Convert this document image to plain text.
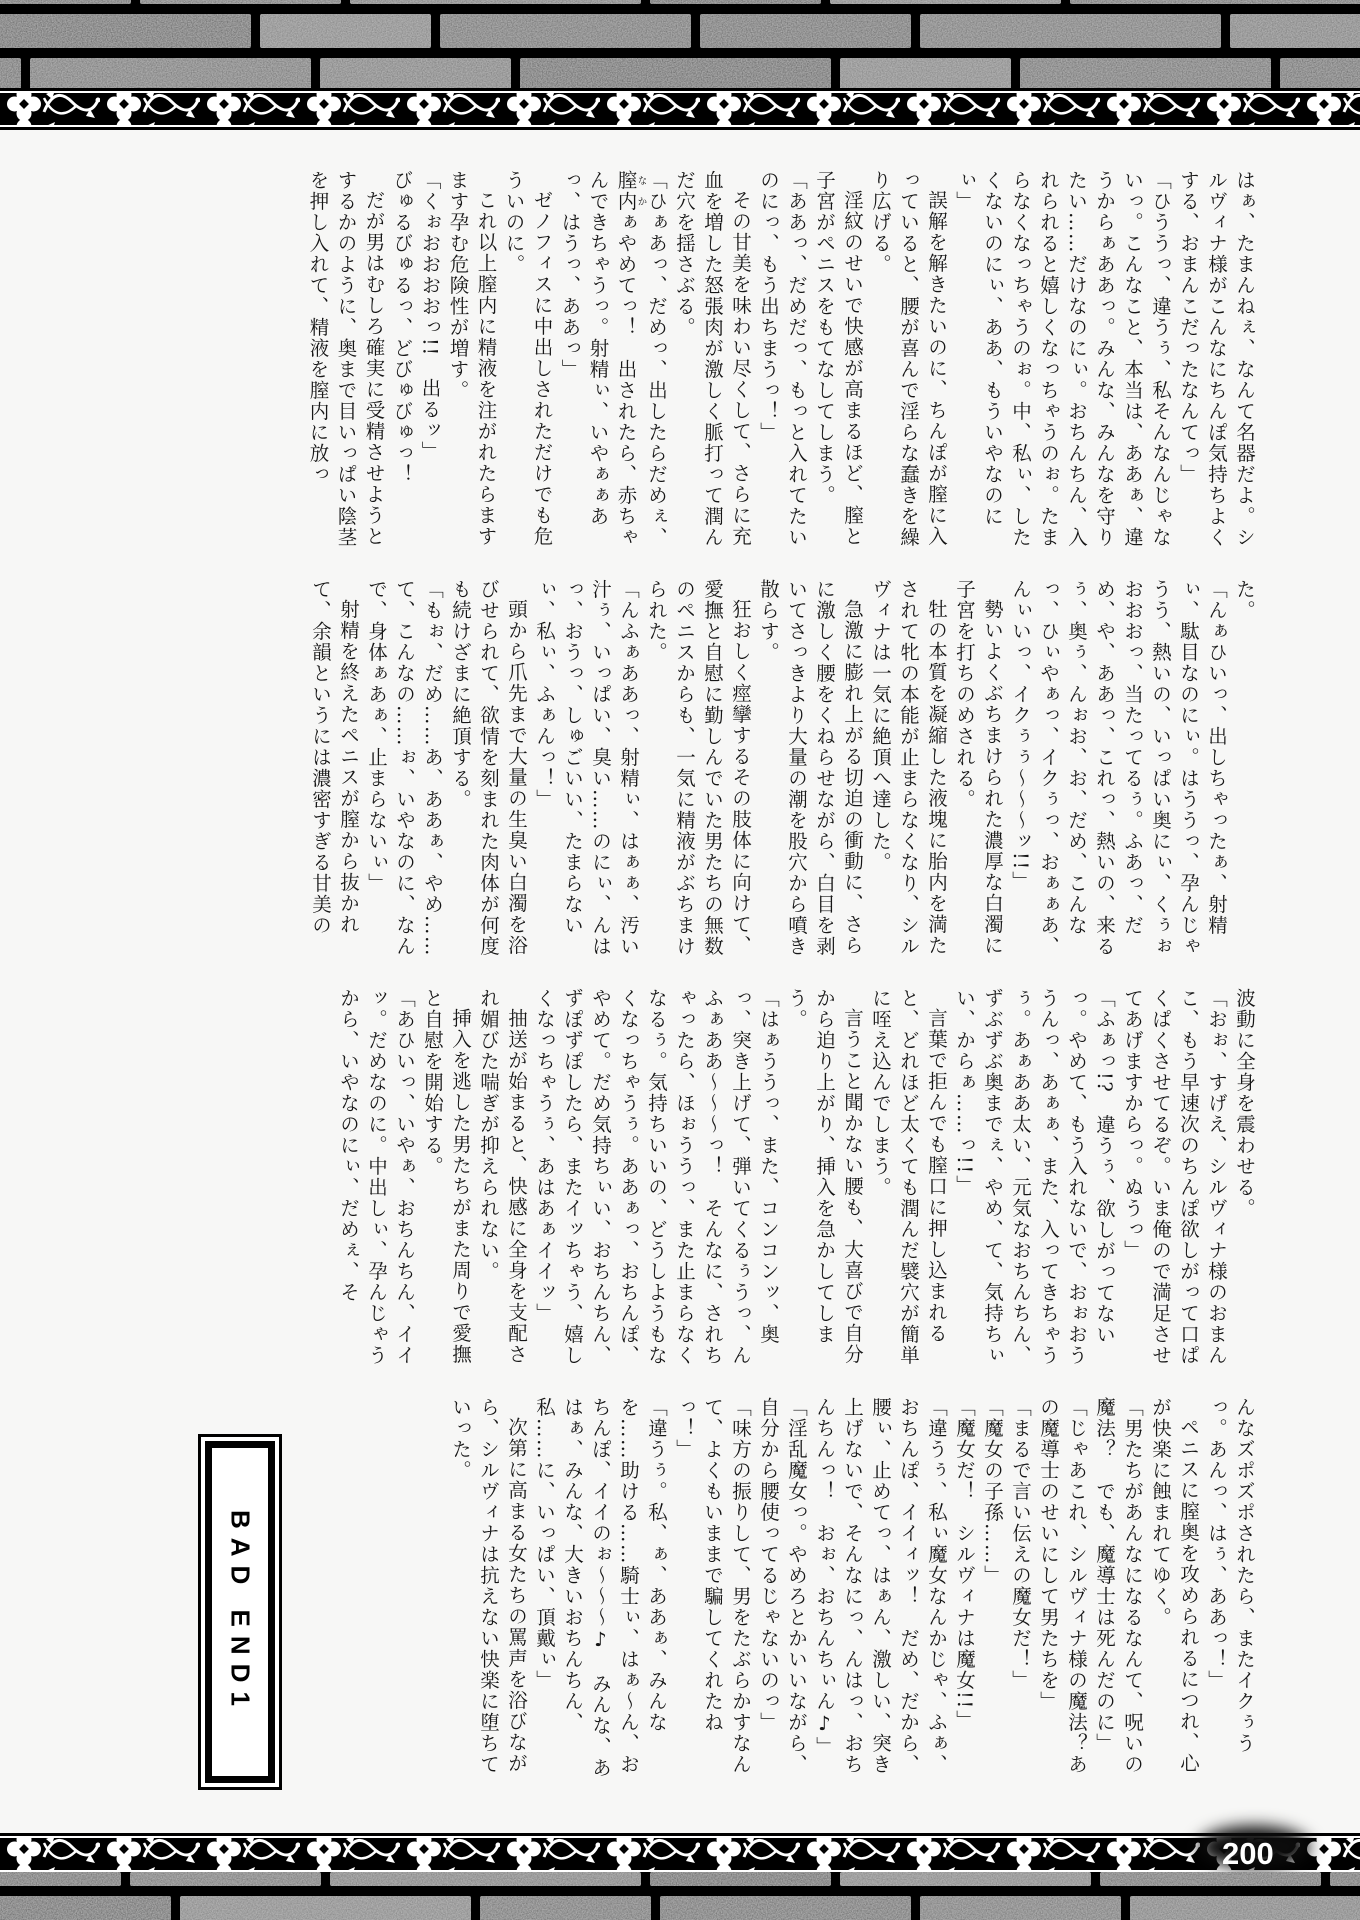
はぁ、たまんねぇ、なんて名器だよ。シルヴィナ様がこんなにちんぽ気持ちよくする、おまんこだったなんてっ」

「ひううっ、違うぅ、私そんなんじゃないっ。こんなこと、本当は、ああぁ、違うからぁああっ。みんな、みんなを守りたい……だけなのにぃ。おちんちん、入れられると嬉しくなっちゃうのぉ。たまらなくなっちゃうのぉ。中、私ぃ、したくないのにぃ、ああ、もういやなのにぃ」

誤解を解きたいのに、ちんぽが膣に入っていると、腰が喜んで淫らな蠢きを繰り広げる。

淫紋のせいで快感が高まるほど、膣と子宮がペニスをもてなしてしまう。

「ああっ、だめだっ、もっと入れてたいのにっ、もう出ちまうっ！」

その甘美を味わい尽くして、さらに充血を増した怒張肉が激しく脈打って潤んだ穴を揺さぶる。

「ひぁあっ、だめっ、出したらだめぇ、膣内なかぁやめてっ！　出されたら、赤ちゃんできちゃうっ。射精ぃ、いやぁぁあっ、はうっ、ああっ」

ゼノフィスに中出しされただけでも危ういのに。

これ以上膣内に精液を注がれたらますます孕む危険性が増す。

「くぉおおおおっ!!　出るッ」

びゅるびゅるっ、どびゅびゅっ！

だが男はむしろ確実に受精させようとするかのように、奥まで目いっぱい陰茎を押し入れて、精液を膣内に放っ

た。

「んぁひいっ、出しちゃったぁ、射精ぃ、駄目なのにぃ。はううっ、孕んじゃうう、熱いの、いっぱい奥にぃ、くぅぉおおおっ、当たってるぅ。ふあっ、だめ、や、ああっ、これっ、熱いの、来るぅ、奥ぅ、んぉお、お、だめ、こんなっ、ひぃやぁっ、イクぅっ、おぁぁあ、んぃいっ、イクぅぅ～～～ッ!!」

勢いよくぶちまけられた濃厚な白濁に子宮を打ちのめされる。

牡の本質を凝縮した液塊に胎内を満たされて牝の本能が止まらなくなり、シルヴィナは一気に絶頂へ達した。

急激に膨れ上がる切迫の衝動に、さらに激しく腰をくねらせながら、白目を剥いてさっきより大量の潮を股穴から噴き散らす。

狂おしく痙攣するその肢体に向けて、愛撫と自慰に勤しんでいた男たちの無数のペニスからも、一気に精液がぶちまけられた。

「んふぁああっ、射精ぃ、はぁぁ、汚い汁ぅ、いっぱい、臭い……のにぃ、んはっ、おうっ、しゅごいい、たまらないぃ、私ぃ、ふぁんっ！」

頭から爪先まで大量の生臭い白濁を浴びせられて、欲情を刻まれた肉体が何度も続けざまに絶頂する。

「もぉ、だめ……あ、ああぁ、やめ……て、こんなの……ぉ、いやなのに、なんで、身体ぁあぁ、止まらないぃ」

射精を終えたペニスが膣から抜かれて、余韻というには濃密すぎる甘美の

波動に全身を震わせる。

「おぉ、すげえ、シルヴィナ様のおまんこ、もう早速次のちんぽ欲しがって口ぱくぱくさせてるぞ。いま俺ので満足させてあげますからっ。ぬうっ」

「ふぁっ!?　違うぅ、欲しがってないっ。やめて、もう入れないで、おぉおううんっ、あぁぁ、また、入ってきちゃうぅ。あぁああ太い、元気なおちんちん、ずぶずぶ奥までぇ、やめ、て、気持ちぃい、からぁ……っ!!」

言葉で拒んでも膣口に押し込まれると、どれほど太くても潤んだ襞穴が簡単に咥え込んでしまう。

言うこと聞かない腰も、大喜びで自分から迫り上がり、挿入を急かしてしまう。

「はぁううっ、また、コンコンッ、奥っ、突き上げて、弾いてくるぅうっ、んふぁああ～～～っ！　そんなに、されちゃったら、ほぉううっ、また止まらなくなるぅ。気持ちいいの、どうしようもなくなっちゃうぅ。ああぁっ、おちんぽ、やめて。だめ気持ちぃい、おちんちん、ずぽずぽしたら、またイッちゃう、嬉しくなっちゃうぅ、あはあぁイイッ」

抽送が始まると、快感に全身を支配され媚びた喘ぎが抑えられない。

挿入を逃した男たちがまた周りで愛撫と自慰を開始する。

「あひいっ、いやぁ、おちんちん、イイッ。だめなのに。中出しぃ、孕んじゃうから、いやなのにぃ、だめぇ、そ

んなズポズポされたら、またイクぅうっ。あんっ、はぅ、ああっ！」

ペニスに膣奥を攻められるにつれ、心が快楽に蝕まれてゆく。

「男たちがあんなになるなんて、呪いの魔法？　でも、魔導士は死んだのに」

「じゃあこれ、シルヴィナ様の魔法？あの魔導士のせいにして男たちを」

「まるで言い伝えの魔女だ！」

「魔女の子孫……」

「魔女だ！　シルヴィナは魔女!!」

「違うぅ、私ぃ魔女なんかじゃ、ふぁ、おちんぽ、イイィッ！　だめ、だから、腰ぃ、止めてっ、はぁん、激しい、突き上げないで、そんなにっ、んはっ、おちんちんっ！　おぉ、おちんちぃん♪」

「淫乱魔女っ。やめろとかいいながら、自分から腰使ってるじゃないのっ」

「味方の振りして、男をたぶらかすなんて、よくもいままで騙してくれたねっ！」

「違うぅ。私、ぁ、ああぁ、みんなを……助ける……騎士ぃ、はぁ～ん、おちんぽ、イイのぉ～～～♪　みんな、あはぁ、みんな、大きいおちんちん、私……に、いっぱい、頂戴ぃ」

次第に高まる女たちの罵声を浴びながら、シルヴィナは抗えない快楽に堕ちていった。

BAD END1
200
